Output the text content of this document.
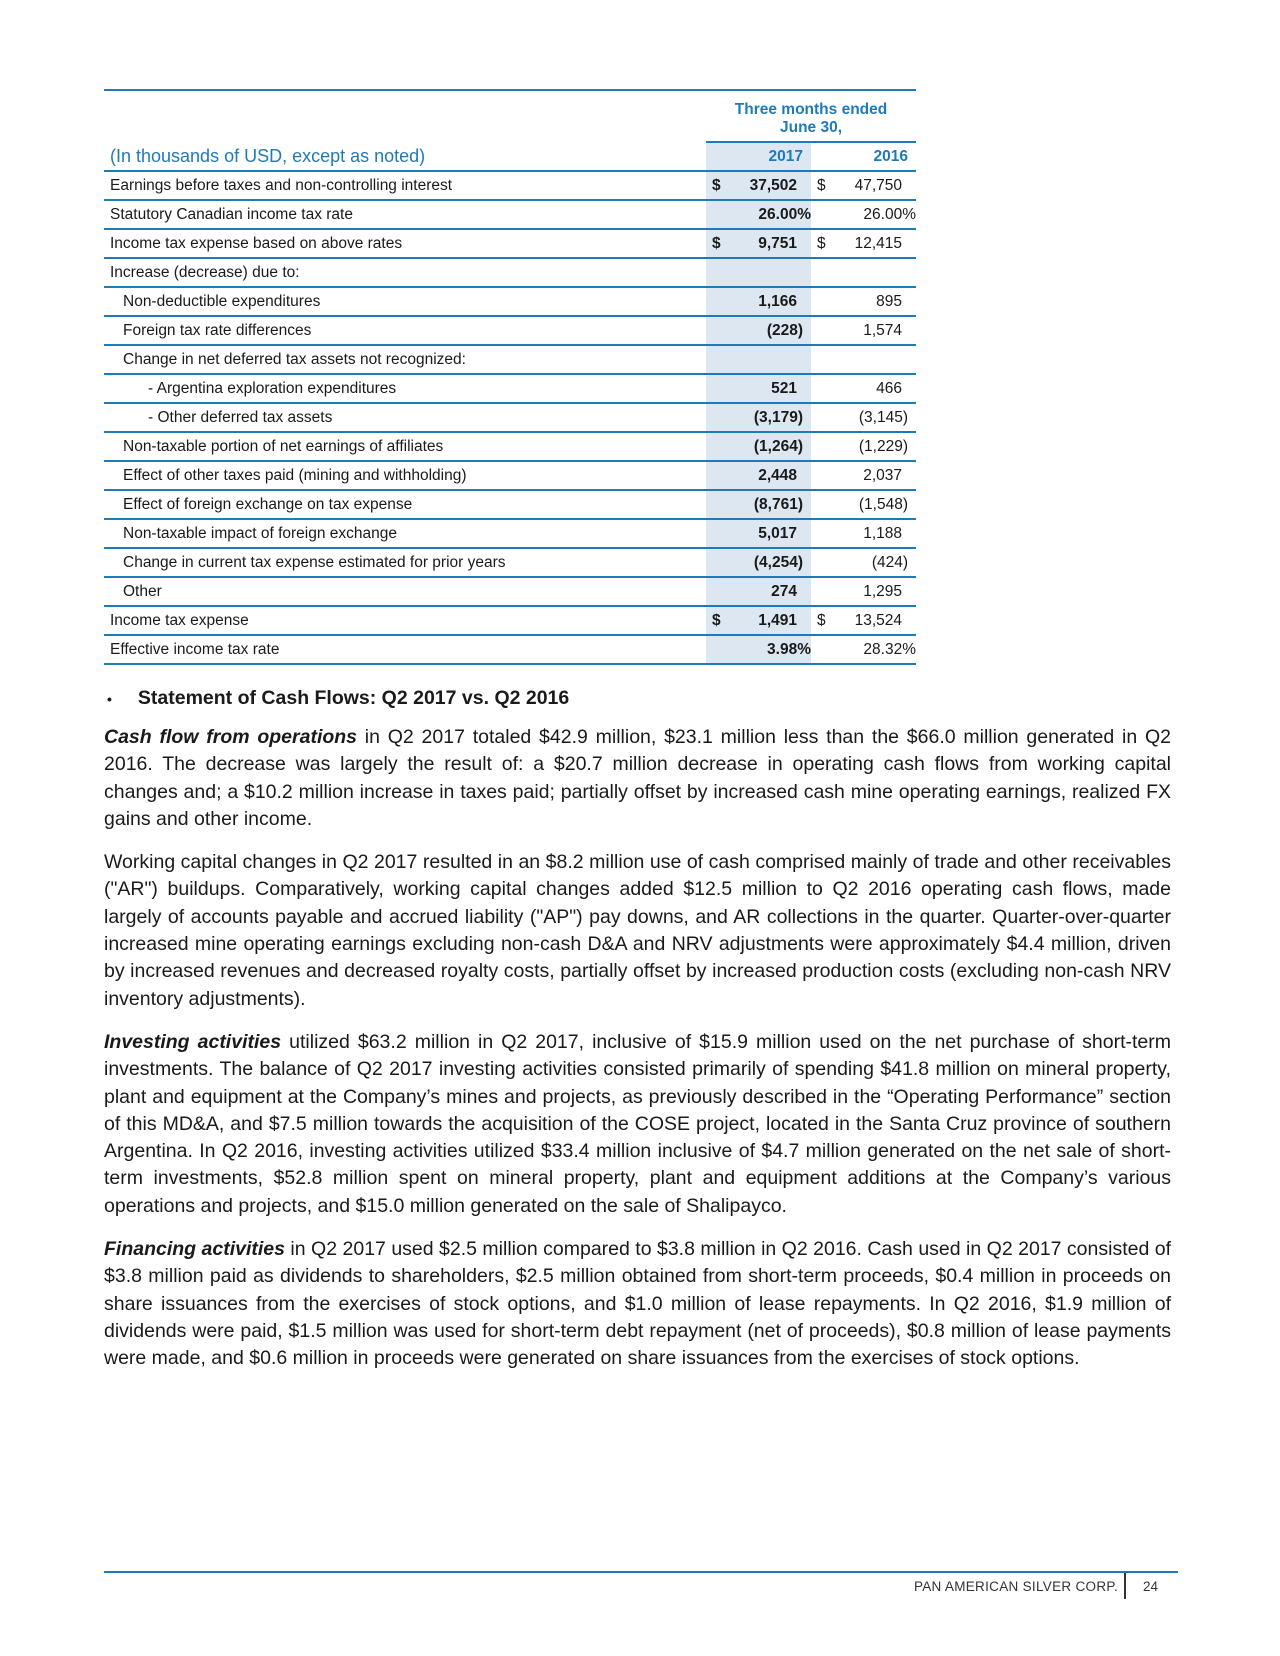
	Three months ended
June 30,	

(In thousands of USD, except as noted)	2017	2016
Earnings before taxes and non-controlling interest	$ 37,502	$ 47,750

Statutory Canadian income tax rate	26.00%	26.00%

Income tax expense based on above rates	$ 9,751	$ 12,415

Increase (decrease) due to:	

Non-deductible expenditures	1,166	895

Foreign tax rate differences	(228)	1,574

Change in net deferred tax assets not recognized:	

- Argentina exploration expenditures	521	466

- Other deferred tax assets	(3,179)	(3,145)

Non-taxable portion of net earnings of affiliates	(1,264)	(1,229)

Effect of other taxes paid (mining and withholding)	2,448	2,037

Effect of foreign exchange on tax expense	(8,761)	(1,548)

Non-taxable impact of foreign exchange	5,017	1,188

Change in current tax expense estimated for prior years	(4,254)	(424)

Other	274	1,295

Income tax expense	$ 1,491	$ 13,524

Effective income tax rate	3.98%	28.32%
• Statement of Cash Flows: Q2 2017 vs. Q2 2016

Cash flow from operations in Q2 2017 totaled $42.9 million, $23.1 million less than the $66.0 million generated in Q2 2016. The decrease was largely the result of: a $20.7 million decrease in operating cash flows from working capital changes and; a $10.2 million increase in taxes paid; partially offset by increased cash mine operating earnings, realized FX gains and other income.

Working capital changes in Q2 2017 resulted in an $8.2 million use of cash comprised mainly of trade and other receivables ("AR") buildups. Comparatively, working capital changes added $12.5 million to Q2 2016 operating cash flows, made largely of accounts payable and accrued liability ("AP") pay downs, and AR collections in the quarter. Quarter-over-quarter increased mine operating earnings excluding non-cash D&A and NRV adjustments were approximately $4.4 million, driven by increased revenues and decreased royalty costs, partially offset by increased production costs (excluding non-cash NRV inventory adjustments).

Investing activities utilized $63.2 million in Q2 2017, inclusive of $15.9 million used on the net purchase of short-term investments. The balance of Q2 2017 investing activities consisted primarily of spending $41.8 million on mineral property, plant and equipment at the Company’s mines and projects, as previously described in the “Operating Performance” section of this MD&A, and $7.5 million towards the acquisition of the COSE project, located in the Santa Cruz province of southern Argentina. In Q2 2016, investing activities utilized $33.4 million inclusive of $4.7 million generated on the net sale of short-term investments, $52.8 million spent on mineral property, plant and equipment additions at the Company’s various operations and projects, and $15.0 million generated on the sale of Shalipayco.

Financing activities in Q2 2017 used $2.5 million compared to $3.8 million in Q2 2016. Cash used in Q2 2017 consisted of $3.8 million paid as dividends to shareholders, $2.5 million obtained from short-term proceeds, $0.4 million in proceeds on share issuances from the exercises of stock options, and $1.0 million of lease repayments. In Q2 2016, $1.9 million of dividends were paid, $1.5 million was used for short-term debt repayment (net of proceeds), $0.8 million of lease payments were made, and $0.6 million in proceeds were generated on share issuances from the exercises of stock options.

PAN AMERICAN SILVER CORP. 24
